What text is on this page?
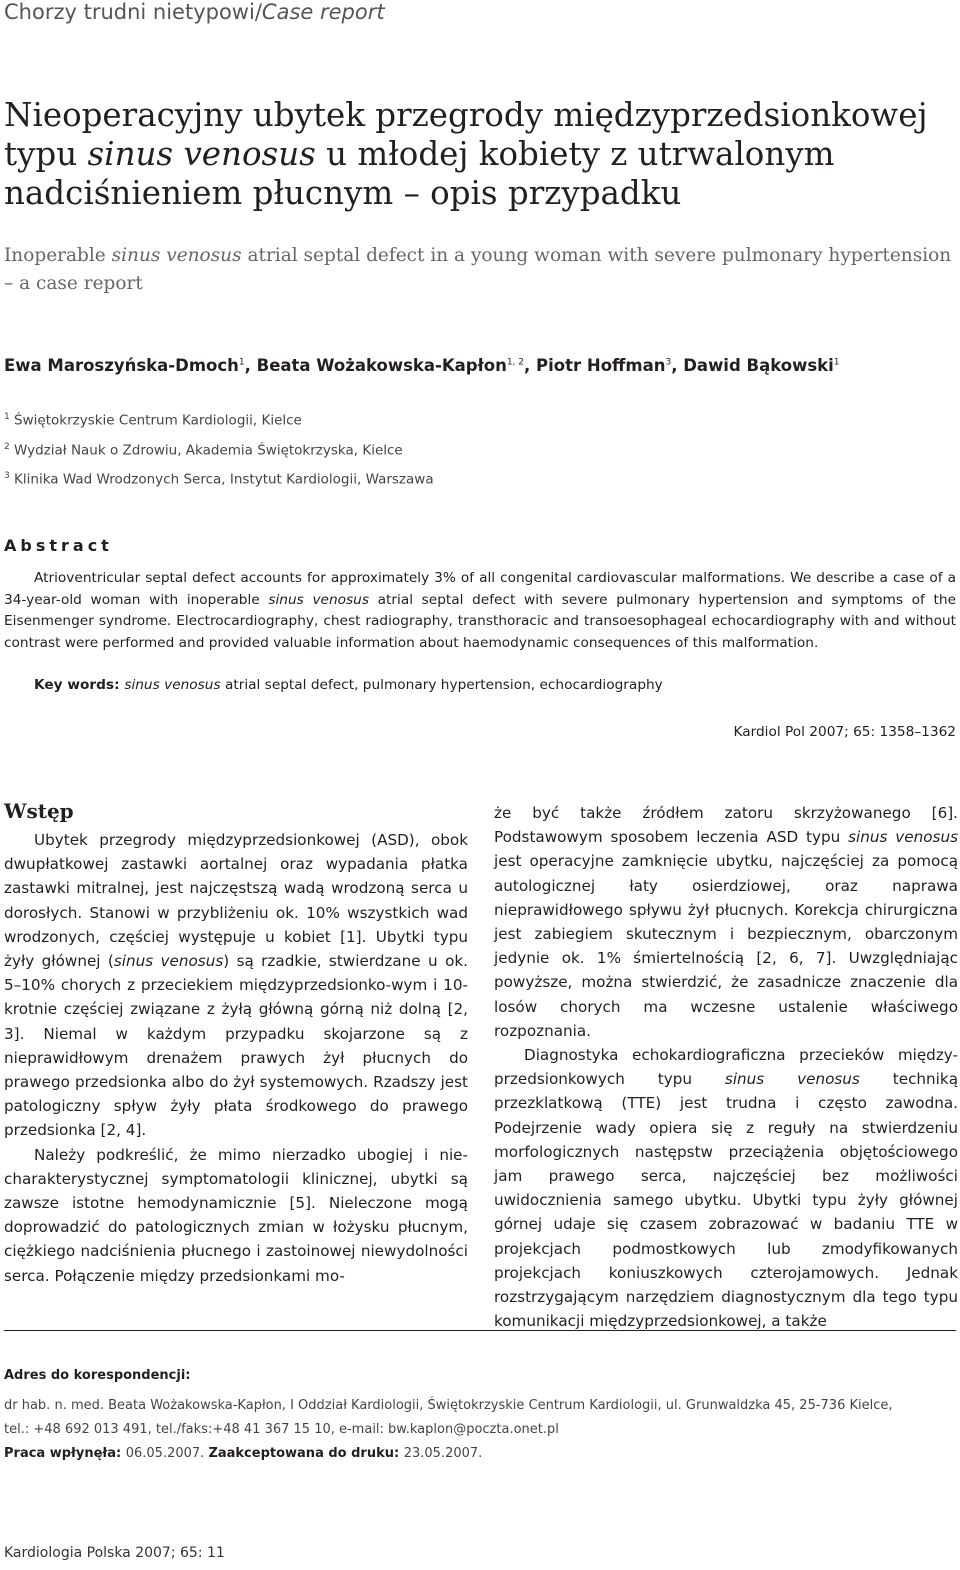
Chorzy trudni nietypowi/Case report
Nieoperacyjny ubytek przegrody międzyprzedsionkowej
typu sinus venosus u młodej kobiety z utrwalonym
nadciśnieniem płucnym – opis przypadku
Inoperable sinus venosus atrial septal defect in a young woman with severe pulmonary hypertension
– a case report
Ewa Maroszyńska-Dmoch$^1$, Beata Wożakowska-Kapłon$^{1, 2}$, Piotr Hoffman$^3$, Dawid Bąkowski$^1$
$^1$ Świętokrzyskie Centrum Kardiologii, Kielce
$^2$ Wydział Nauk o Zdrowiu, Akademia Świętokrzyska, Kielce
$^3$ Klinika Wad Wrodzonych Serca, Instytut Kardiologii, Warszawa
Abstract
Atrioventricular septal defect accounts for approximately 3% of all congenital cardiovascular malformations. We describe a case of a 34-year-old woman with inoperable sinus venosus atrial septal defect with severe pulmonary hypertension and symptoms of the Eisenmenger syndrome. Electrocardiography, chest radiography, transthoracic and transoesophageal echocardiography with and without contrast were performed and provided valuable information about haemodynamic consequences of this malformation.
Key words: sinus venosus atrial septal defect, pulmonary hypertension, echocardiography
Kardiol Pol 2007; 65: 1358–1362
Wstęp

Ubytek przegrody międzyprzedsionkowej (ASD), obok dwupłatkowej zastawki aortalnej oraz wypadania płatka zastawki mitralnej, jest najczęstszą wadą wrodzoną serca u dorosłych. Stanowi w przybliżeniu ok. 10% wszystkich wad wrodzonych, częściej występuje u kobiet [1]. Ubytki typu żyły głównej (sinus venosus) są rzadkie, stwierdzane u ok. 5–10% chorych z przeciekiem międzyprzedsionko-wym i 10-krotnie częściej związane z żyłą główną górną niż dolną [2, 3]. Niemal w każdym przypadku skojarzone są z nieprawidłowym drenażem prawych żył płucnych do prawego przedsionka albo do żył systemowych. Rzadszy jest patologiczny spływ żyły płata środkowego do prawego przedsionka [2, 4].

Należy podkreślić, że mimo nierzadko ubogiej i nie-charakterystycznej symptomatologii klinicznej, ubytki są zawsze istotne hemodynamicznie [5]. Nieleczone mogą doprowadzić do patologicznych zmian w łożysku płucnym, ciężkiego nadciśnienia płucnego i zastoinowej niewydolności serca. Połączenie między przedsionkami mo-

że być także źródłem zatoru skrzyżowanego [6]. Podstawowym sposobem leczenia ASD typu sinus venosus jest operacyjne zamknięcie ubytku, najczęściej za pomocą autologicznej łaty osierdziowej, oraz naprawa nieprawidłowego spływu żył płucnych. Korekcja chirurgiczna jest zabiegiem skutecznym i bezpiecznym, obarczonym jedynie ok. 1% śmiertelnością [2, 6, 7]. Uwzględniając powyższe, można stwierdzić, że zasadnicze znaczenie dla losów chorych ma wczesne ustalenie właściwego rozpoznania.

Diagnostyka echokardiograficzna przecieków między-przedsionkowych typu sinus venosus techniką przezklatkową (TTE) jest trudna i często zawodna. Podejrzenie wady opiera się z reguły na stwierdzeniu morfologicznych następstw przeciążenia objętościowego jam prawego serca, najczęściej bez możliwości uwidocznienia samego ubytku. Ubytki typu żyły głównej górnej udaje się czasem zobrazować w badaniu TTE w projekcjach podmostkowych lub zmodyfikowanych projekcjach koniuszkowych czterojamowych. Jednak rozstrzygającym narzędziem diagnostycznym dla tego typu komunikacji międzyprzedsionkowej, a także

Adres do korespondencji:
dr hab. n. med. Beata Wożakowska-Kapłon, I Oddział Kardiologii, Świętokrzyskie Centrum Kardiologii, ul. Grunwaldzka 45, 25-736 Kielce,
tel.: +48 692 013 491, tel./faks:+48 41 367 15 10, e-mail: bw.kaplon@poczta.onet.pl
Praca wpłynęła: 06.05.2007. Zaakceptowana do druku: 23.05.2007.
Kardiologia Polska 2007; 65: 11
